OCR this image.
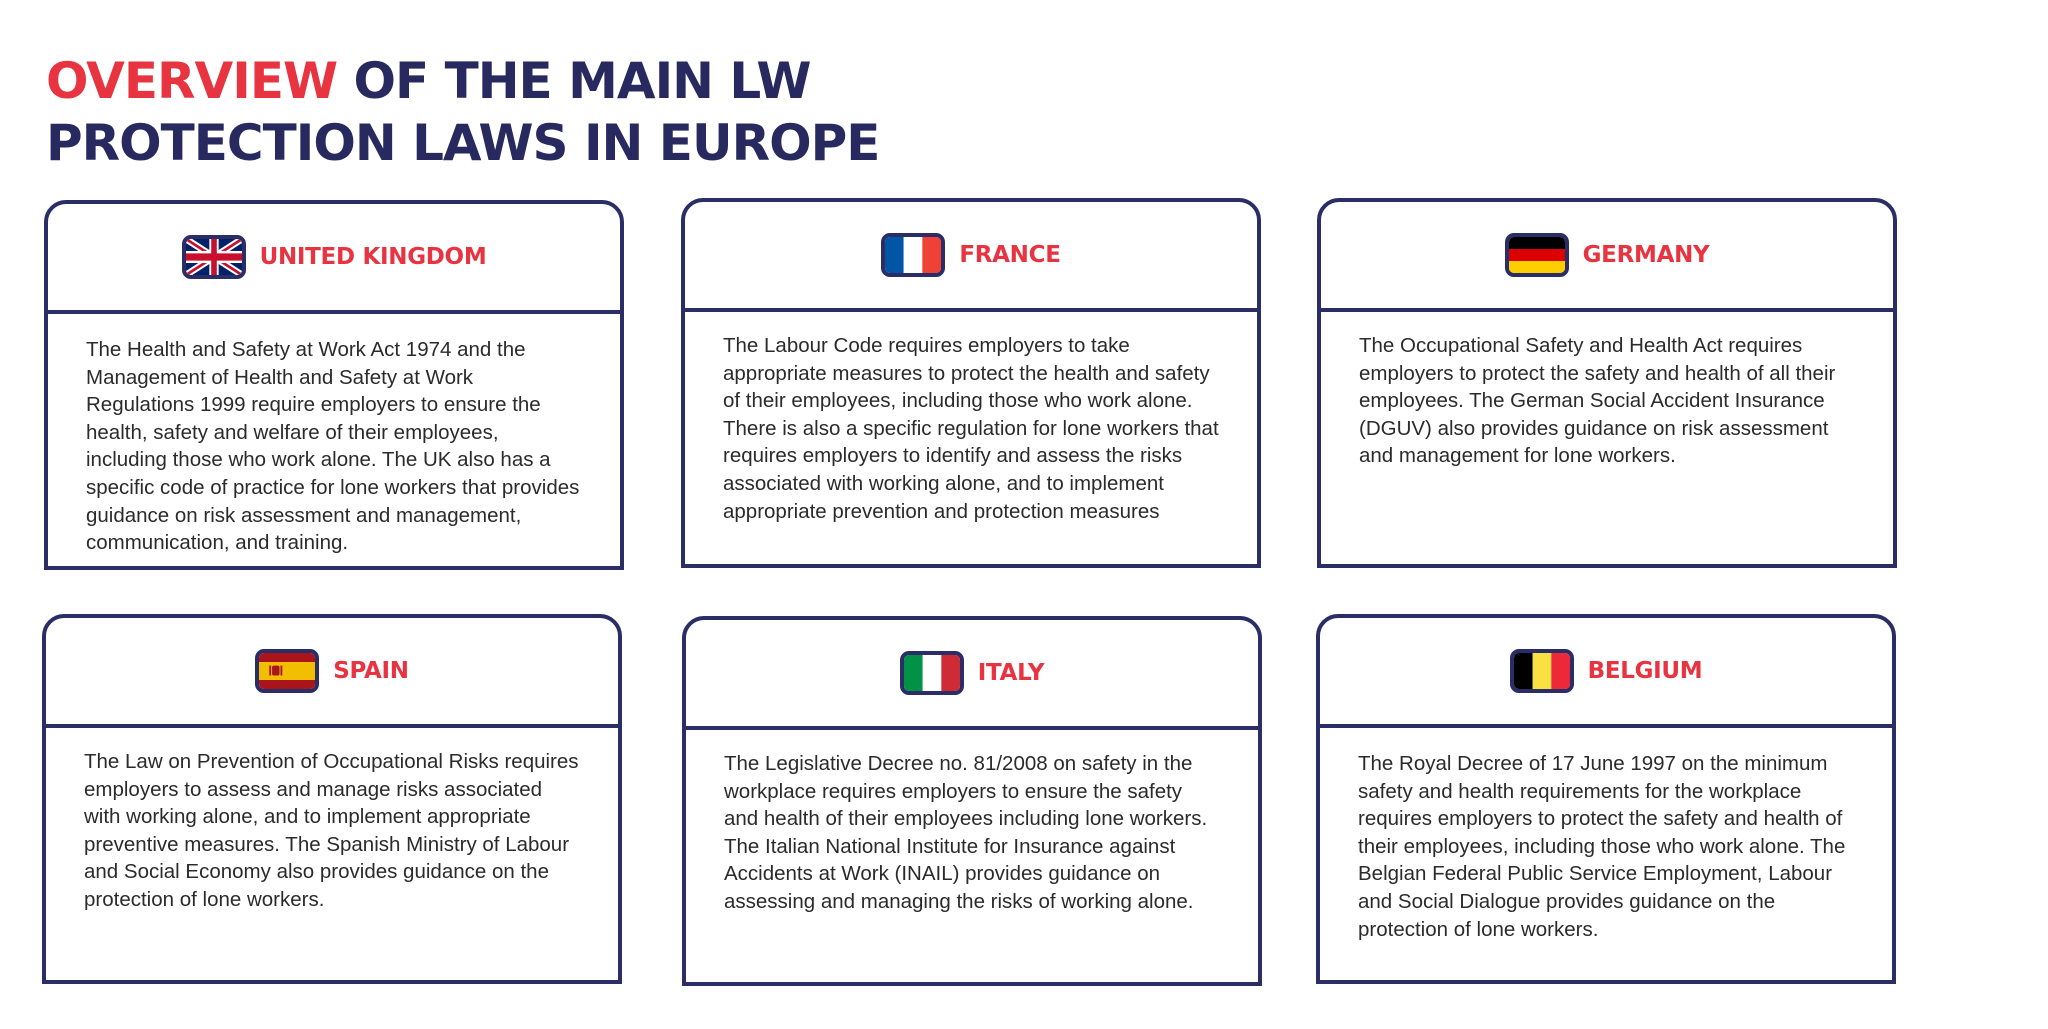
OVERVIEW OF THE MAIN LW
PROTECTION LAWS IN EUROPE
UNITED KINGDOM
The Health and Safety at Work Act 1974 and the Management of Health and Safety at Work Regulations 1999 require employers to ensure the health, safety and welfare of their employees, including those who work alone. The UK also has a specific code of practice for lone workers that provides guidance on risk assessment and management, communication, and training.
FRANCE
The Labour Code requires employers to take appropriate measures to protect the health and safety of their employees, including those who work alone. There is also a specific regulation for lone workers that requires employers to identify and assess the risks associated with working alone, and to implement appropriate prevention and protection measures
GERMANY
The Occupational Safety and Health Act requires employers to protect the safety and health of all their employees. The German Social Accident Insurance (DGUV) also provides guidance on risk assessment and management for lone workers.
SPAIN
The Law on Prevention of Occupational Risks requires employers to assess and manage risks associated with working alone, and to implement appropriate preventive measures. The Spanish Ministry of Labour and Social Economy also provides guidance on the protection of lone workers.
ITALY
The Legislative Decree no. 81/2008 on safety in the workplace requires employers to ensure the safety and health of their employees including lone workers. The Italian National Institute for Insurance against Accidents at Work (INAIL) provides guidance on assessing and managing the risks of working alone.
BELGIUM
The Royal Decree of 17 June 1997 on the minimum safety and health requirements for the workplace requires employers to protect the safety and health of their employees, including those who work alone. The Belgian Federal Public Service Employment, Labour and Social Dialogue provides guidance on the protection of lone workers.
